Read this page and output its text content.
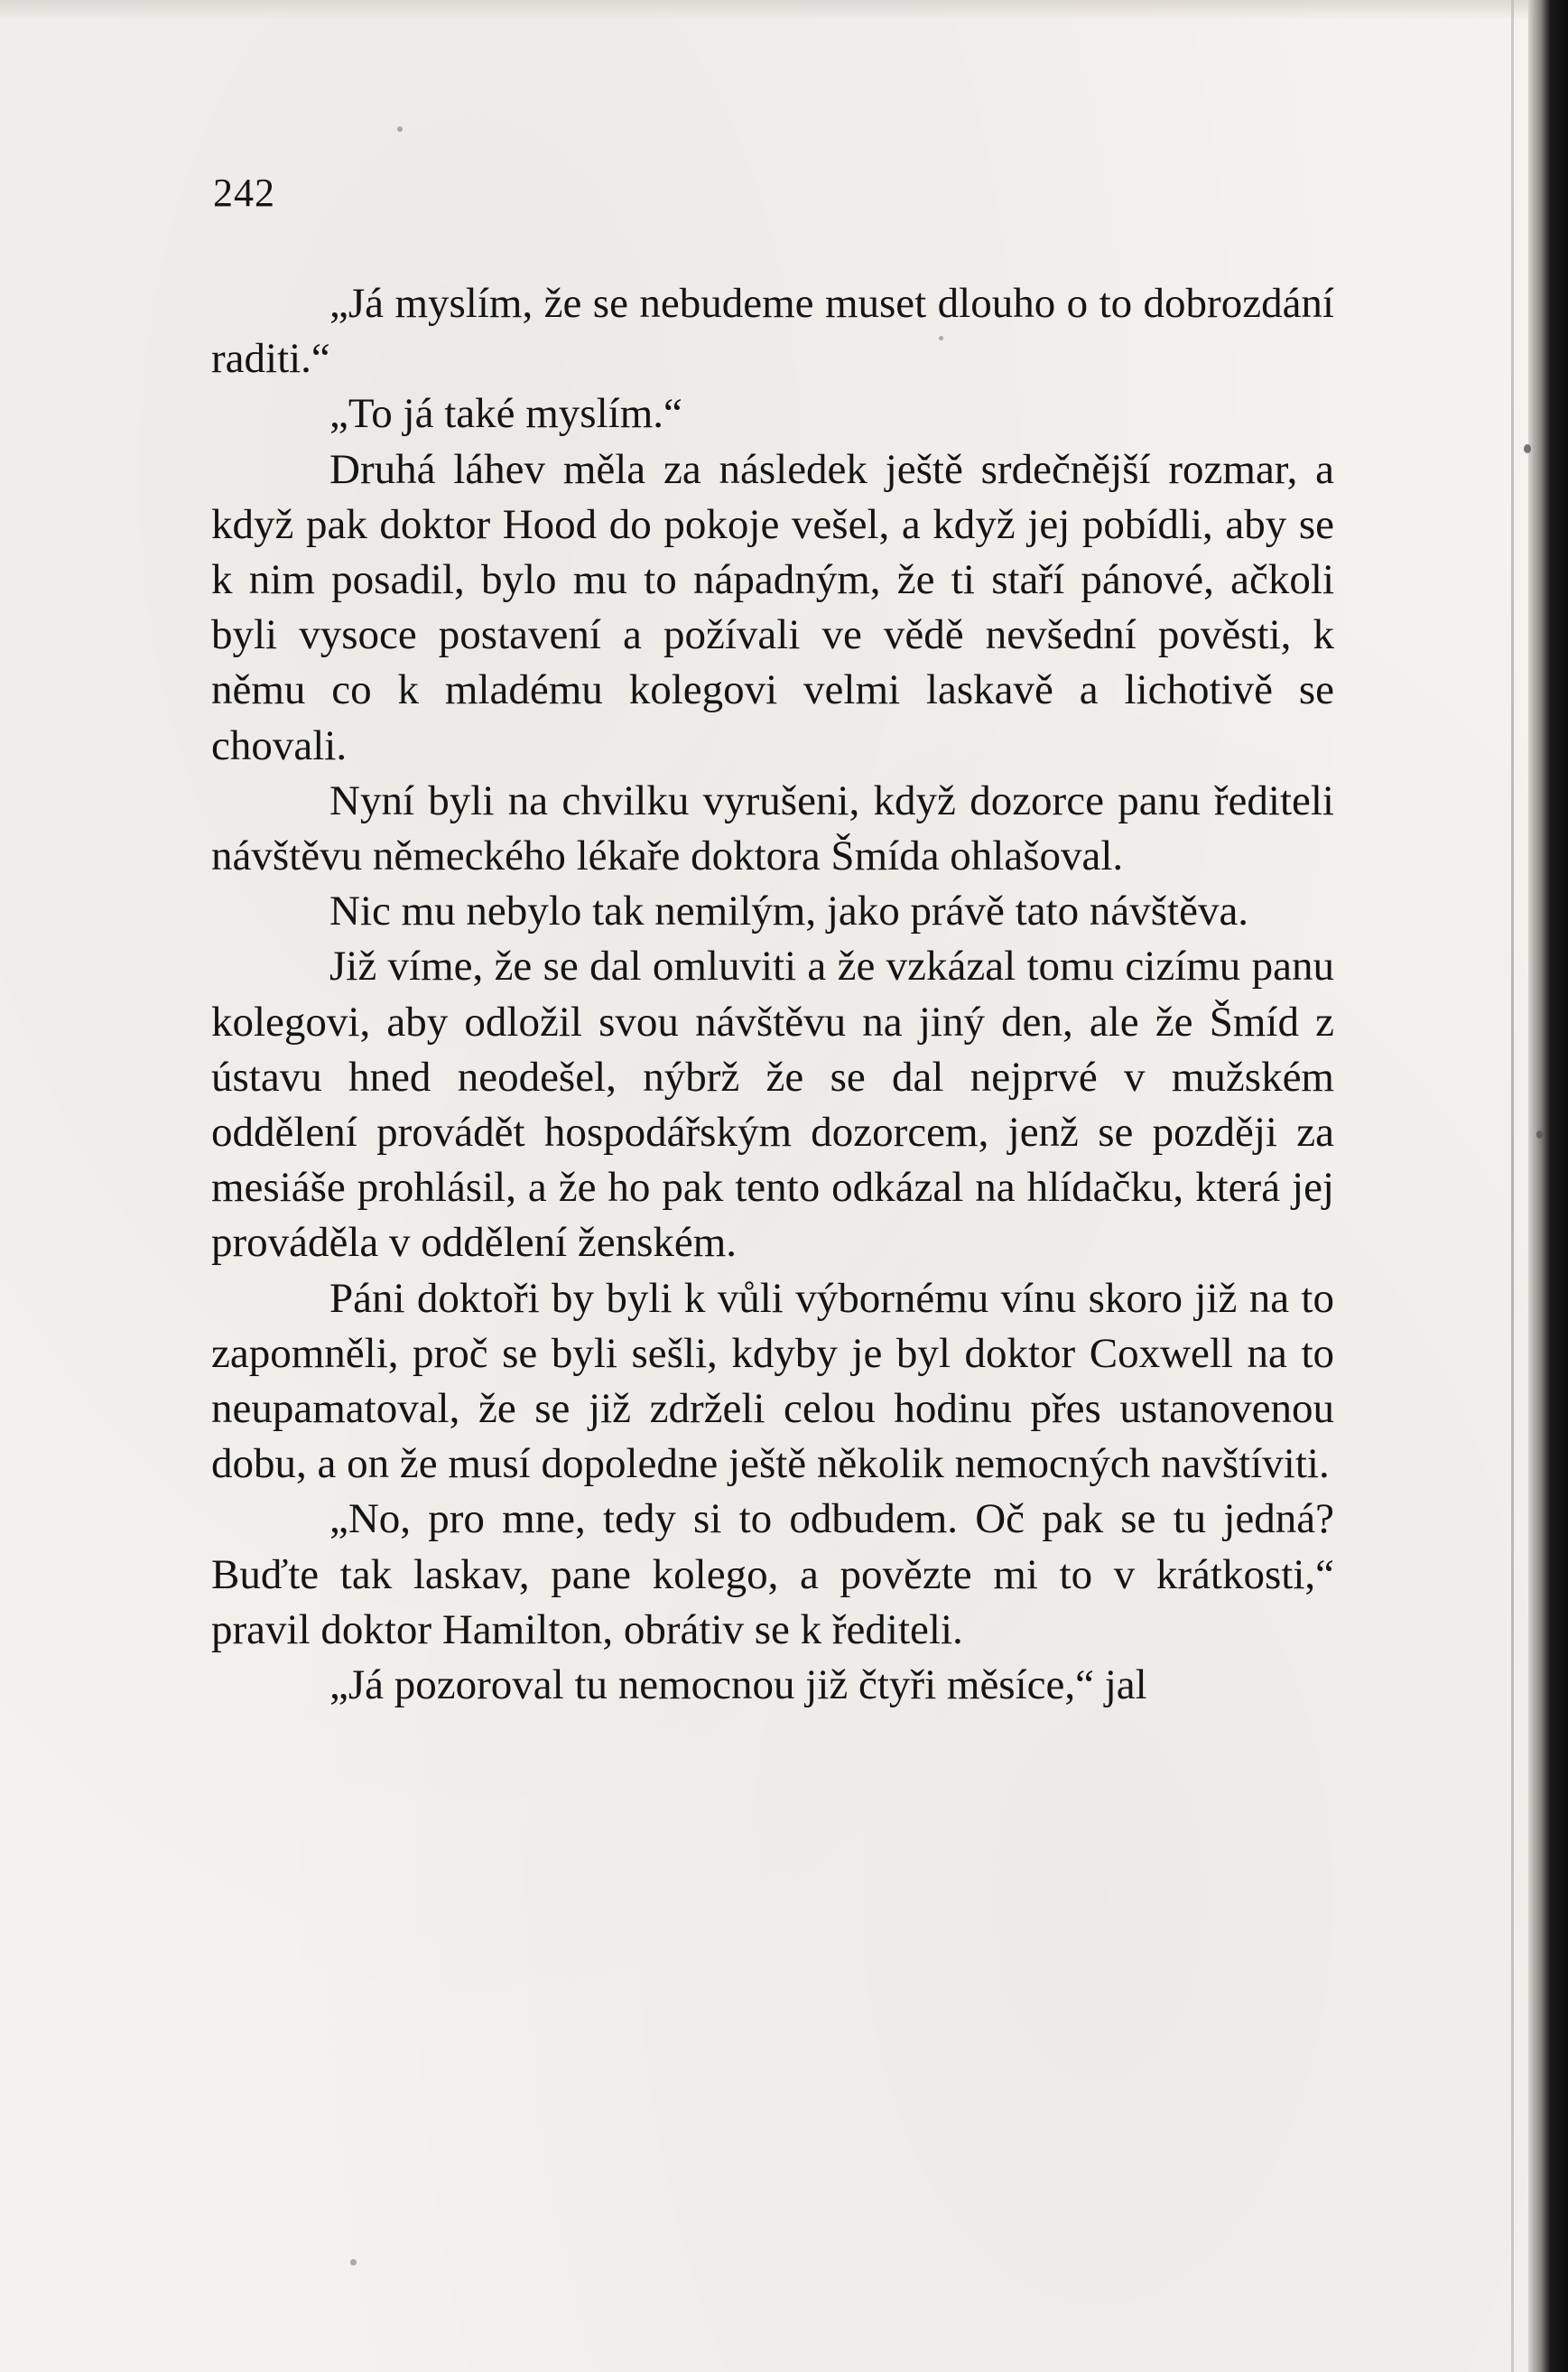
242

„Já myslím, že se nebudeme muset dlouho o to dobrozdání raditi.“

„To já také myslím.“

Druhá láhev měla za následek ještě srdečnější rozmar, a když pak doktor Hood do pokoje vešel, a když jej pobídli, aby se k nim posadil, bylo mu to nápadným, že ti staří pánové, ačkoli byli vysoce postavení a požívali ve vědě nevšední pověsti, k němu co k mladému kolegovi velmi laskavě a lichotivě se chovali.

Nyní byli na chvilku vyrušeni, když dozorce panu řediteli návštěvu německého lékaře doktora Šmída ohlašoval.

Nic mu nebylo tak nemilým, jako právě tato návštěva.

Již víme, že se dal omluviti a že vzkázal tomu cizímu panu kolegovi, aby odložil svou návštěvu na jiný den, ale že Šmíd z ústavu hned neodešel, nýbrž že se dal nejprvé v mužském oddělení provádět hospodářským dozorcem, jenž se později za mesiáše prohlásil, a že ho pak tento odkázal na hlídačku, která jej prováděla v oddělení ženském.

Páni doktoři by byli k vůli výbornému vínu skoro již na to zapomněli, proč se byli sešli, kdyby je byl doktor Coxwell na to neupamatoval, že se již zdrželi celou hodinu přes ustanovenou dobu, a on že musí dopoledne ještě několik nemocných navštíviti.

„No, pro mne, tedy si to odbudem. Oč pak se tu jedná? Buďte tak laskav, pane kolego, a povězte mi to v krátkosti,“ pravil doktor Hamilton, obrátiv se k řediteli.

„Já pozoroval tu nemocnou již čtyři měsíce,“ jal
